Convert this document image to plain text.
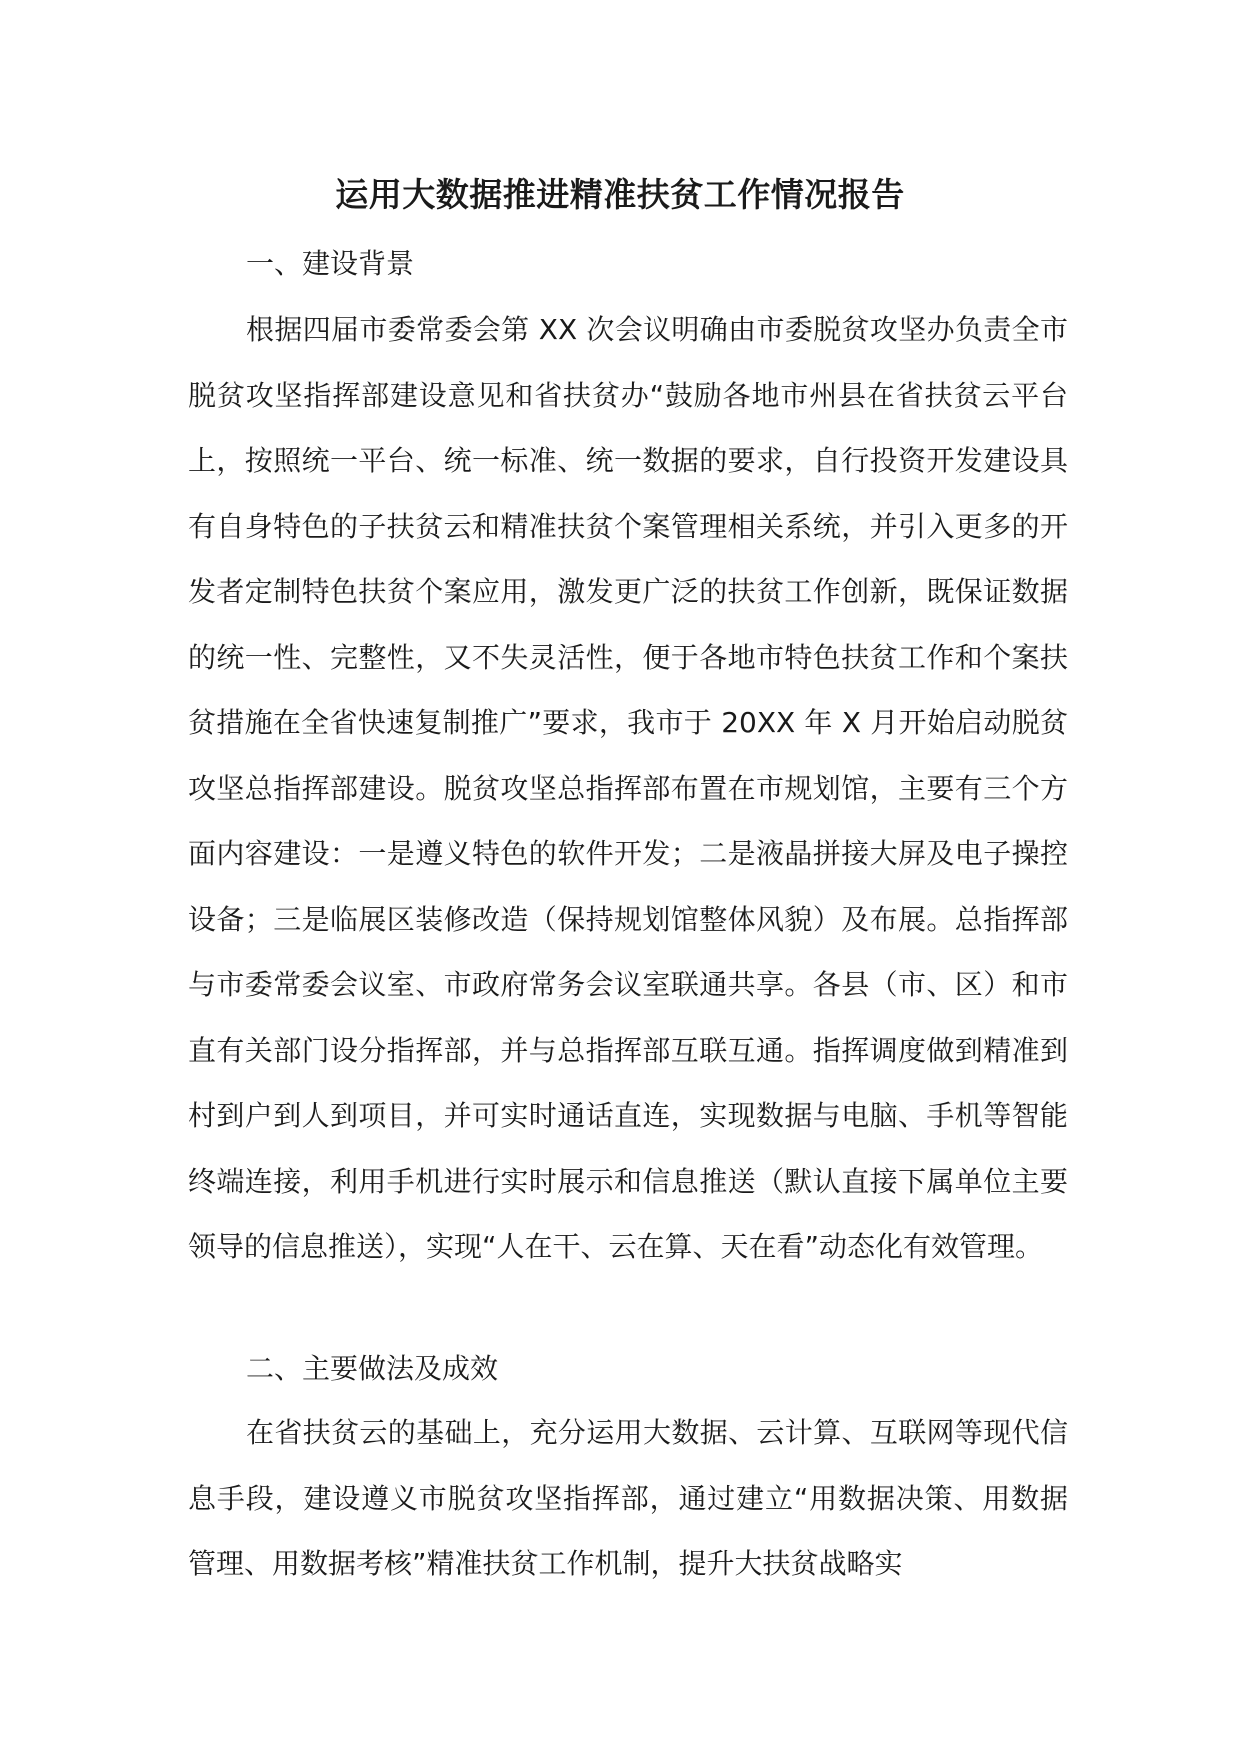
运用大数据推进精准扶贫工作情况报告
一、建设背景
根据四届市委常委会第 XX 次会议明确由市委脱贫攻坚办负责全市脱贫攻坚指挥部建设意见和省扶贫办“鼓励各地市州县在省扶贫云平台上，按照统一平台、统一标准、统一数据的要求，自行投资开发建设具有自身特色的子扶贫云和精准扶贫个案管理相关系统，并引入更多的开发者定制特色扶贫个案应用，激发更广泛的扶贫工作创新，既保证数据的统一性、完整性，又不失灵活性，便于各地市特色扶贫工作和个案扶贫措施在全省快速复制推广”要求，我市于 20XX 年 X 月开始启动脱贫攻坚总指挥部建设。脱贫攻坚总指挥部布置在市规划馆，主要有三个方面内容建设：一是遵义特色的软件开发；二是液晶拼接大屏及电子操控设备；三是临展区装修改造（保持规划馆整体风貌）及布展。总指挥部与市委常委会议室、市政府常务会议室联通共享。各县（市、区）和市直有关部门设分指挥部，并与总指挥部互联互通。指挥调度做到精准到村到户到人到项目，并可实时通话直连，实现数据与电脑、手机等智能终端连接，利用手机进行实时展示和信息推送（默认直接下属单位主要领导的信息推送），实现“人在干、云在算、天在看”动态化有效管理。
二、主要做法及成效
在省扶贫云的基础上，充分运用大数据、云计算、互联网等现代信息手段，建设遵义市脱贫攻坚指挥部，通过建立“用数据决策、用数据管理、用数据考核”精准扶贫工作机制，提升大扶贫战略实
